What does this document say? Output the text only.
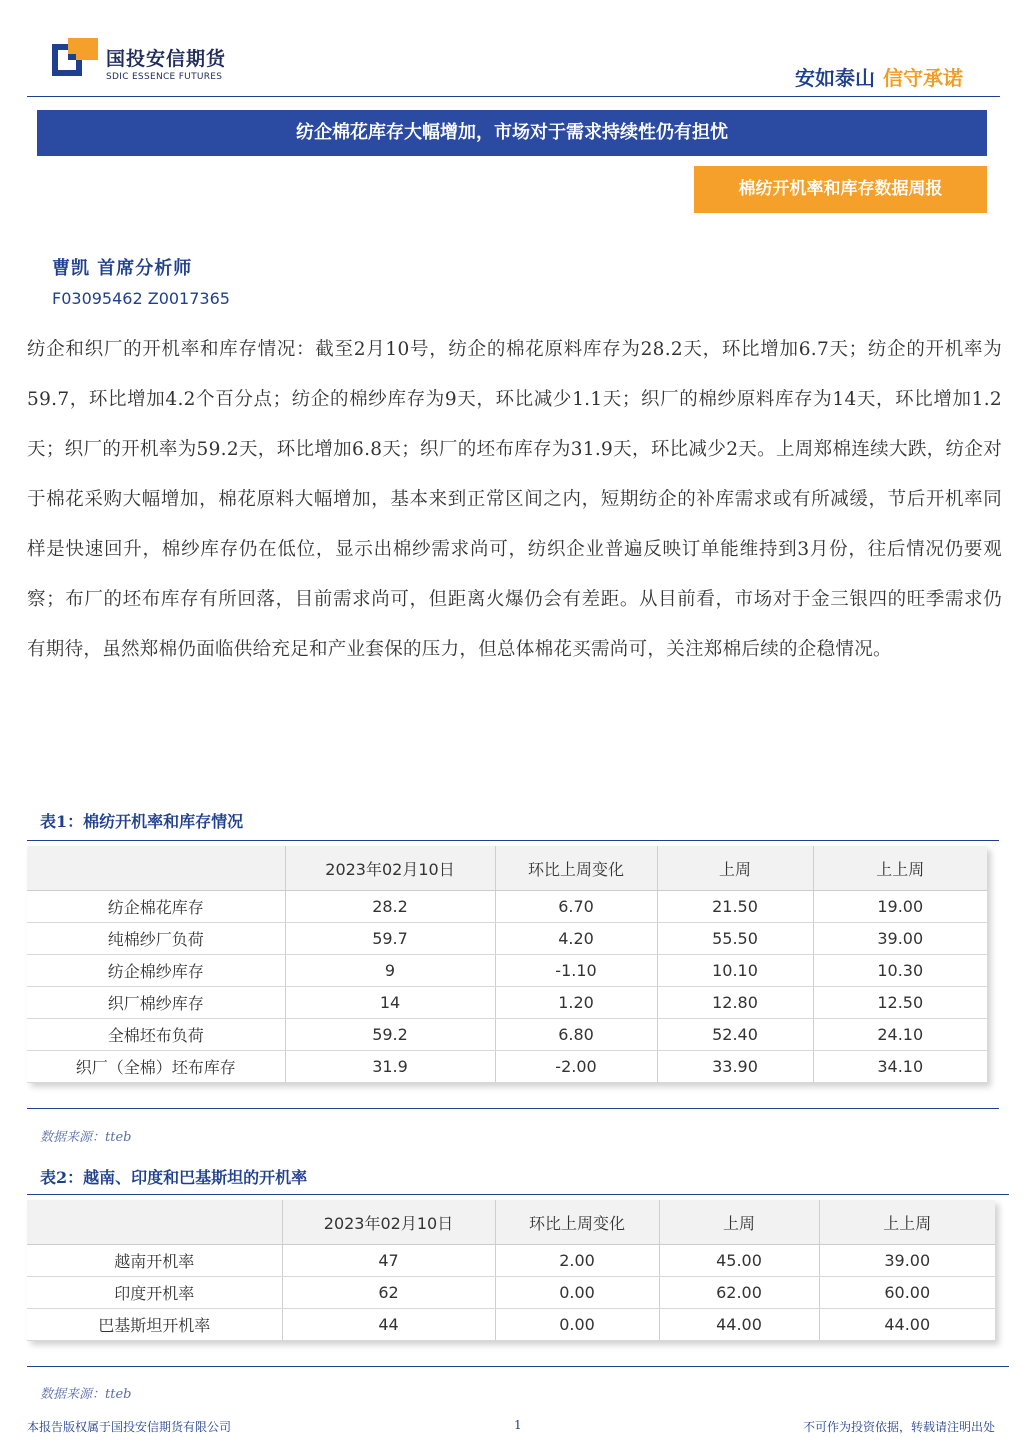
国投安信期货
SDIC ESSENCE FUTURES	安如泰山 信守承诺
纺企棉花库存大幅增加，市场对于需求持续性仍有担忧
棉纺开机率和库存数据周报
曹凯 首席分析师
F03095462 Z0017365
纺企和织厂的开机率和库存情况：截至2月10号，纺企的棉花原料库存为28.2天，环比增加6.7天；纺企的开机率为59.7，环比增加4.2个百分点；纺企的棉纱库存为9天，环比减少1.1天；织厂的棉纱原料库存为14天，环比增加1.2天；织厂的开机率为59.2天，环比增加6.8天；织厂的坯布库存为31.9天，环比减少2天。上周郑棉连续大跌，纺企对于棉花采购大幅增加，棉花原料大幅增加，基本来到正常区间之内，短期纺企的补库需求或有所减缓，节后开机率同样是快速回升，棉纱库存仍在低位，显示出棉纱需求尚可，纺织企业普遍反映订单能维持到3月份，往后情况仍要观察；布厂的坯布库存有所回落，目前需求尚可，但距离火爆仍会有差距。从目前看，市场对于金三银四的旺季需求仍有期待，虽然郑棉仍面临供给充足和产业套保的压力，但总体棉花买需尚可，关注郑棉后续的企稳情况。
表1：棉纺开机率和库存情况
	2023年02月10日	环比上周变化	上周	上上周
纺企棉花库存	28.2	6.70	21.50	19.00
纯棉纱厂负荷	59.7	4.20	55.50	39.00
纺企棉纱库存	9	-1.10	10.10	10.30
织厂棉纱库存	14	1.20	12.80	12.50
全棉坯布负荷	59.2	6.80	52.40	24.10
织厂（全棉）坯布库存	31.9	-2.00	33.90	34.10
数据来源：tteb
表2：越南、印度和巴基斯坦的开机率
	2023年02月10日	环比上周变化	上周	上上周
越南开机率	47	2.00	45.00	39.00
印度开机率	62	0.00	62.00	60.00
巴基斯坦开机率	44	0.00	44.00	44.00
数据来源：tteb
本报告版权属于国投安信期货有限公司	1	不可作为投资依据，转载请注明出处
